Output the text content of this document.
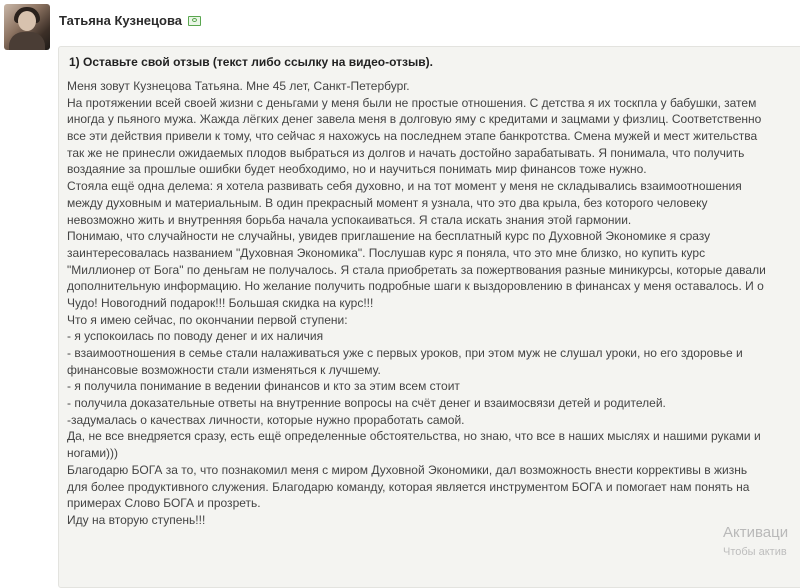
Татьяна Кузнецова
1) Оставьте свой отзыв (текст либо ссылку на видео-отзыв).
Меня зовут Кузнецова Татьяна. Мне 45 лет, Санкт-Петербург.
На протяжении всей своей жизни с деньгами у меня были не простые отношения. С детства я их тоскпла у бабушки, затем
иногда у пьяного мужа. Жажда лёгких денег завела меня в долговую яму с кредитами и зацмами у физлиц. Соответственно
все эти действия привели к тому, что сейчас я нахожусь на последнем этапе банкротства. Смена мужей и мест жительства
так же не принесли ожидаемых плодов выбраться из долгов и начать достойно зарабатывать. Я понимала, что получить
воздаяние за прошлые ошибки будет необходимо, но и научиться понимать мир финансов тоже нужно.
Стояла ещё одна делема: я хотела развивать себя духовно, и на тот момент у меня не складывались взаимоотношения
между духовным и материальным. В один прекрасный момент я узнала, что это два крыла, без которого человеку
невозможно жить и внутренняя борьба начала успокаиваться. Я стала искать знания этой гармонии.
Понимаю, что случайности не случайны, увидев приглашение на бесплатный курс по Духовной Экономике я сразу
заинтересовалась названием "Духовная Экономика". Послушав курс я поняла, что это мне близко, но купить курс
"Миллионер от Бога" по деньгам не получалось. Я стала приобретать за пожертвования разные миникурсы, которые давали
дополнительную информацию. Но желание получить подробные шаги к выздоровлению в финансах у меня оставалось. И о
Чудо! Новогодний подарок!!! Большая скидка на курс!!!
Что я имею сейчас, по окончании первой ступени:
- я успокоилась по поводу денег и их наличия
- взаимоотношения в семье стали налаживаться уже с первых уроков, при этом муж не слушал уроки, но его здоровье и
финансовые возможности стали изменяться к лучшему.
- я получила понимание в ведении финансов и кто за этим всем стоит
- получила доказательные ответы на внутренние вопросы на счёт денег и взаимосвязи детей и родителей.
-задумалась о качествах личности, которые нужно проработать самой.
Да, не все внедряется сразу, есть ещё определенные обстоятельства, но знаю, что все в наших мыслях и нашими руками и
ногами)))
Благодарю БОГА за то, что познакомил меня с миром Духовной Экономики, дал возможность внести коррективы в жизнь
для более продуктивного служения. Благодарю команду, которая является инструментом БОГА и помогает нам понять на
примерах Слово БОГА и прозреть.
Иду на вторую ступень!!!
Активаци
Чтобы актив
